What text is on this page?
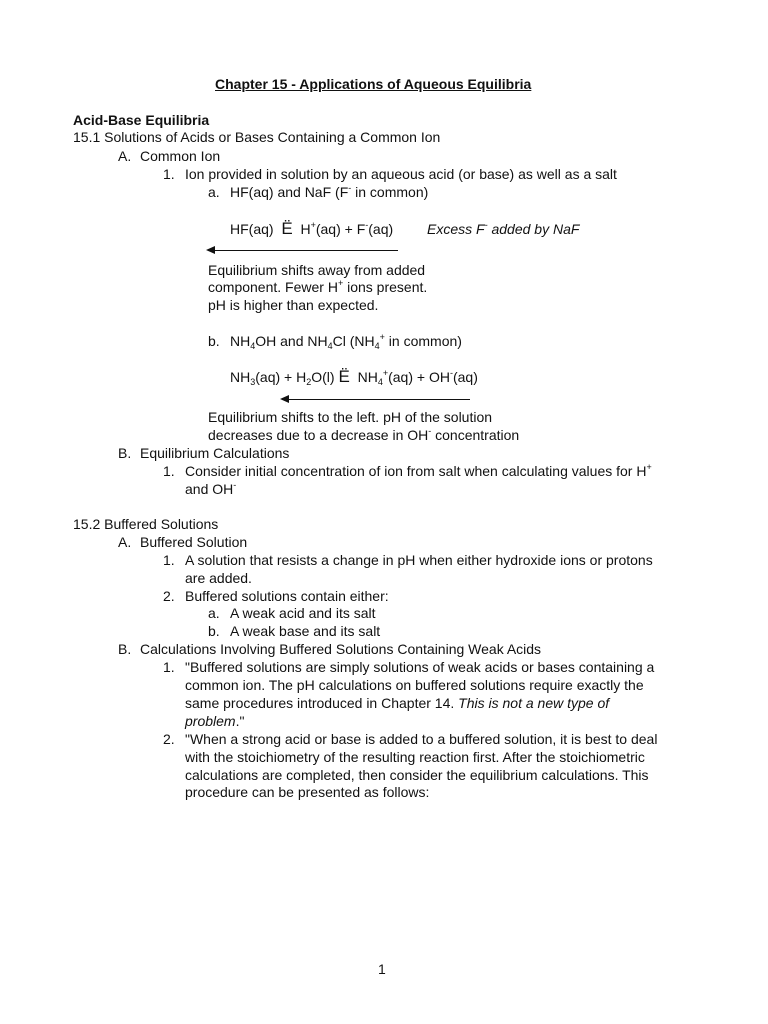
Chapter 15 - Applications of Aqueous Equilibria
Acid-Base Equilibria
15.1 Solutions of Acids or Bases Containing a Common Ion
A. Common Ion
1. Ion provided in solution by an aqueous acid (or base) as well as a salt
a. HF(aq) and NaF (F- in common)
HF(aq) Ë H+(aq) + F-(aq) Excess F- added by NaF
Equilibrium shifts away from added
component. Fewer H+ ions present.
pH is higher than expected.
b. $NH_4OH$ and $NH_4Cl$ ($NH_4^+$ in common)
$NH_3(aq) + H_2O(l)$ Ë $NH_4^+(aq) + OH^-(aq)$
Equilibrium shifts to the left. pH of the solution
decreases due to a decrease in OH- concentration
B. Equilibrium Calculations
1. Consider initial concentration of ion from salt when calculating values for H+
and OH-
15.2 Buffered Solutions
A. Buffered Solution
1. A solution that resists a change in pH when either hydroxide ions or protons
are added.
2. Buffered solutions contain either:
a. A weak acid and its salt
b. A weak base and its salt
B. Calculations Involving Buffered Solutions Containing Weak Acids
1. "Buffered solutions are simply solutions of weak acids or bases containing a
common ion. The pH calculations on buffered solutions require exactly the
same procedures introduced in Chapter 14. This is not a new type of
problem."
2. "When a strong acid or base is added to a buffered solution, it is best to deal
with the stoichiometry of the resulting reaction first. After the stoichiometric
calculations are completed, then consider the equilibrium calculations. This
procedure can be presented as follows:
1
